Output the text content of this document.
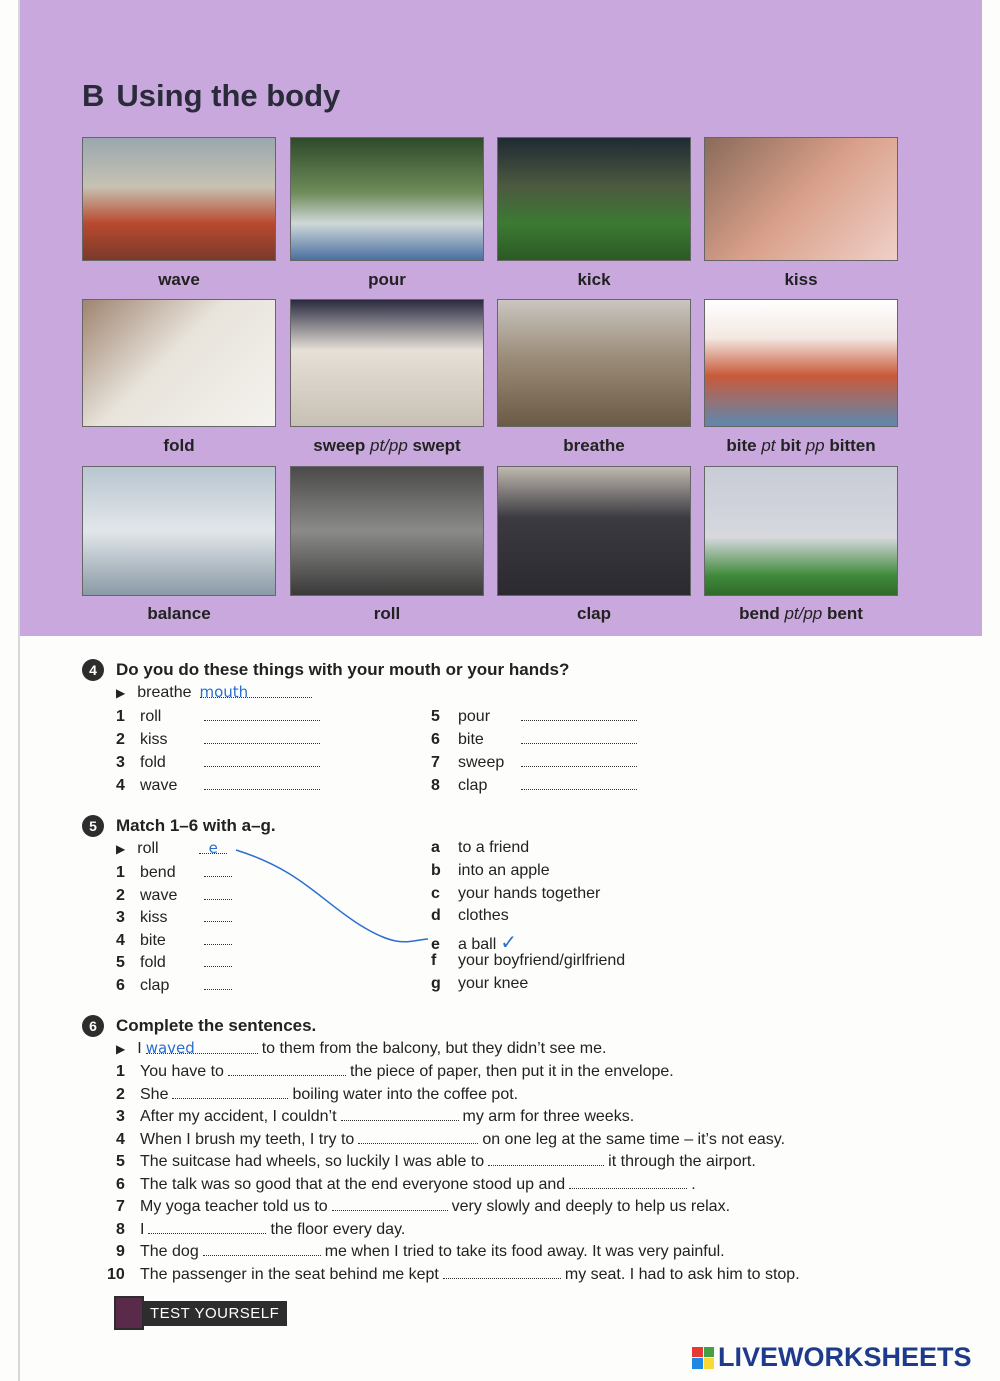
B Using the body
wave	pour	kick	kiss
fold	sweep pt/pp swept	breathe	bite pt bit pp bitten
balance	roll	clap	bend pt/pp bent
4	Do you do these things with your mouth or your hands?
▶ breathe mouth
1 roll
2 kiss
3 fold
4 wave
5 pour
6 bite
7 sweep
8 clap
5	Match 1–6 with a–g.
▶ roll	e
1 bend
2 wave
3 kiss
4 bite
5 fold
6 clap
a to a friend
b into an apple
c your hands together
d clothes
e a ball ✓
f your boyfriend/girlfriend
g your knee
6	Complete the sentences.
▶ I waved	to them from the balcony, but they didn’t see me.
1 You have to	the piece of paper, then put it in the envelope.
2 She	boiling water into the coffee pot.
3 After my accident, I couldn’t	my arm for three weeks.
4 When I brush my teeth, I try to	on one leg at the same time – it’s not easy.
5 The suitcase had wheels, so luckily I was able to	it through the airport.
6 The talk was so good that at the end everyone stood up and	.
7 My yoga teacher told us to	very slowly and deeply to help us relax.
8 I	the floor every day.
9 The dog	me when I tried to take its food away. It was very painful.
10 The passenger in the seat behind me kept	my seat. I had to ask him to stop.
TEST YOURSELF
LIVEWORKSHEETS
